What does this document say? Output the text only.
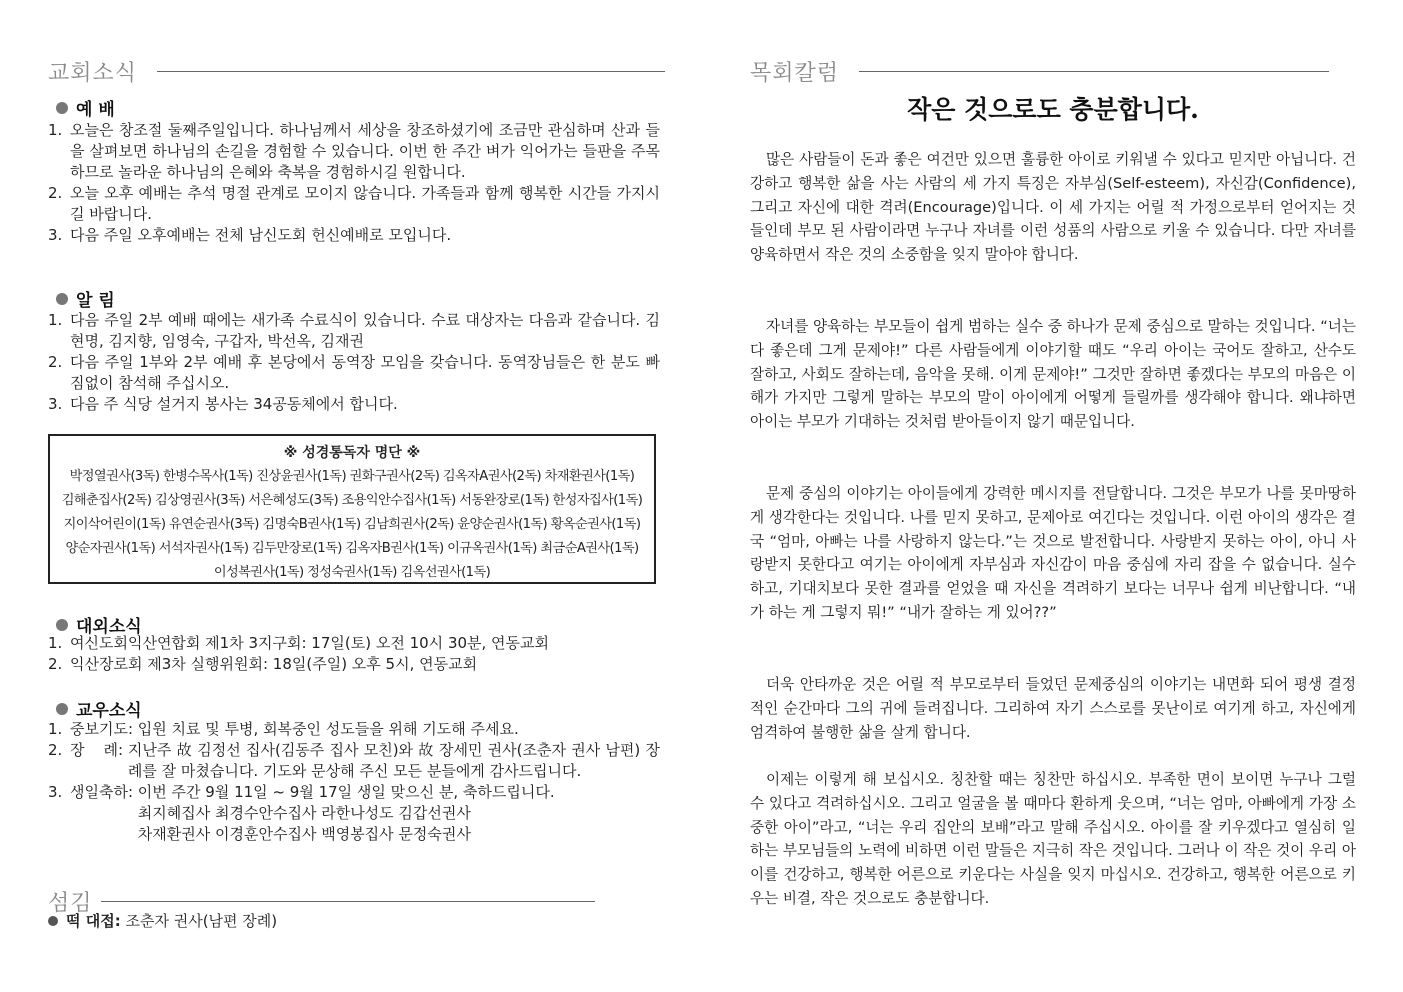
교회소식
예 배
1. 오늘은 창조절 둘째주일입니다. 하나님께서 세상을 창조하셨기에 조금만 관심하며 산과 들을 살펴보면 하나님의 손길을 경험할 수 있습니다. 이번 한 주간 벼가 익어가는 들판을 주목하므로 놀라운 하나님의 은혜와 축복을 경험하시길 원합니다.
2. 오늘 오후 예배는 추석 명절 관계로 모이지 않습니다. 가족들과 함께 행복한 시간들 가지시길 바랍니다.
3. 다음 주일 오후예배는 전체 남신도회 헌신예배로 모입니다.
알 림
1. 다음 주일 2부 예배 때에는 새가족 수료식이 있습니다. 수료 대상자는 다음과 같습니다. 김현명, 김지향, 임영숙, 구갑자, 박선옥, 김재권
2. 다음 주일 1부와 2부 예배 후 본당에서 동역장 모임을 갖습니다. 동역장님들은 한 분도 빠짐없이 참석해 주십시오.
3. 다음 주 식당 설거지 봉사는 34공동체에서 합니다.
※ 성경통독자 명단 ※
박정열권사(3독) 한병수목사(1독) 진상윤권사(1독) 권화구권사(2독) 김옥자A권사(2독) 차재환권사(1독)
김해춘집사(2독) 김상영권사(3독) 서은혜성도(3독) 조용익안수집사(1독) 서동완장로(1독) 한성자집사(1독)
지이삭어린이(1독) 유연순권사(3독) 김명숙B권사(1독) 김남희권사(2독) 윤양순권사(1독) 황옥순권사(1독)
양순자권사(1독) 서석자권사(1독) 김두만장로(1독) 김옥자B권사(1독) 이규옥권사(1독) 최금순A권사(1독)
이성복권사(1독) 정성숙권사(1독) 김옥선권사(1독)
대외소식
1. 여신도회익산연합회 제1차 3지구회: 17일(토) 오전 10시 30분, 연동교회
2. 익산장로회 제3차 실행위원회: 18일(주일) 오후 5시, 연동교회
교우소식
1. 중보기도: 입원 치료 및 투병, 회복중인 성도들을 위해 기도해 주세요.
2. 장    례: 지난주 故 김정선 집사(김동주 집사 모친)와 故 장세민 권사(조춘자 권사 남편) 장례를 잘 마쳤습니다. 기도와 문상해 주신 모든 분들에게 감사드립니다.
3. 생일축하: 이번 주간 9월 11일 ~ 9월 17일 생일 맞으신 분, 축하드립니다.
최지혜집사 최경수안수집사 라한나성도 김갑선권사
차재환권사 이경훈안수집사 백영봉집사 문정숙권사
섬김
떡 대접: 조춘자 권사(남편 장례)
목회칼럼
작은 것으로도 충분합니다.
많은 사람들이 돈과 좋은 여건만 있으면 훌륭한 아이로 키워낼 수 있다고 믿지만 아닙니다. 건강하고 행복한 삶을 사는 사람의 세 가지 특징은 자부심(Self-esteem), 자신감(Confidence), 그리고 자신에 대한 격려(Encourage)입니다. 이 세 가지는 어릴 적 가정으로부터 얻어지는 것들인데 부모 된 사람이라면 누구나 자녀를 이런 성품의 사람으로 키울 수 있습니다. 다만 자녀를 양육하면서 작은 것의 소중함을 잊지 말아야 합니다.
자녀를 양육하는 부모들이 쉽게 범하는 실수 중 하나가 문제 중심으로 말하는 것입니다. “너는 다 좋은데 그게 문제야!” 다른 사람들에게 이야기할 때도 “우리 아이는 국어도 잘하고, 산수도 잘하고, 사회도 잘하는데, 음악을 못해. 이게 문제야!” 그것만 잘하면 좋겠다는 부모의 마음은 이해가 가지만 그렇게 말하는 부모의 말이 아이에게 어떻게 들릴까를 생각해야 합니다. 왜냐하면 아이는 부모가 기대하는 것처럼 받아들이지 않기 때문입니다.
문제 중심의 이야기는 아이들에게 강력한 메시지를 전달합니다. 그것은 부모가 나를 못마땅하게 생각한다는 것입니다. 나를 믿지 못하고, 문제아로 여긴다는 것입니다. 이런 아이의 생각은 결국 “엄마, 아빠는 나를 사랑하지 않는다.”는 것으로 발전합니다. 사랑받지 못하는 아이, 아니 사랑받지 못한다고 여기는 아이에게 자부심과 자신감이 마음 중심에 자리 잡을 수 없습니다. 실수하고, 기대치보다 못한 결과를 얻었을 때 자신을 격려하기 보다는 너무나 쉽게 비난합니다. “내가 하는 게 그렇지 뭐!” “내가 잘하는 게 있어??”
더욱 안타까운 것은 어릴 적 부모로부터 들었던 문제중심의 이야기는 내면화 되어 평생 결정적인 순간마다 그의 귀에 들려집니다. 그리하여 자기 스스로를 못난이로 여기게 하고, 자신에게 엄격하여 불행한 삶을 살게 합니다.
이제는 이렇게 해 보십시오. 칭찬할 때는 칭찬만 하십시오. 부족한 면이 보이면 누구나 그럴 수 있다고 격려하십시오. 그리고 얼굴을 볼 때마다 환하게 웃으며, “너는 엄마, 아빠에게 가장 소중한 아이”라고, “너는 우리 집안의 보배”라고 말해 주십시오. 아이를 잘 키우겠다고 열심히 일하는 부모님들의 노력에 비하면 이런 말들은 지극히 작은 것입니다. 그러나 이 작은 것이 우리 아이를 건강하고, 행복한 어른으로 키운다는 사실을 잊지 마십시오. 건강하고, 행복한 어른으로 키우는 비결, 작은 것으로도 충분합니다.
